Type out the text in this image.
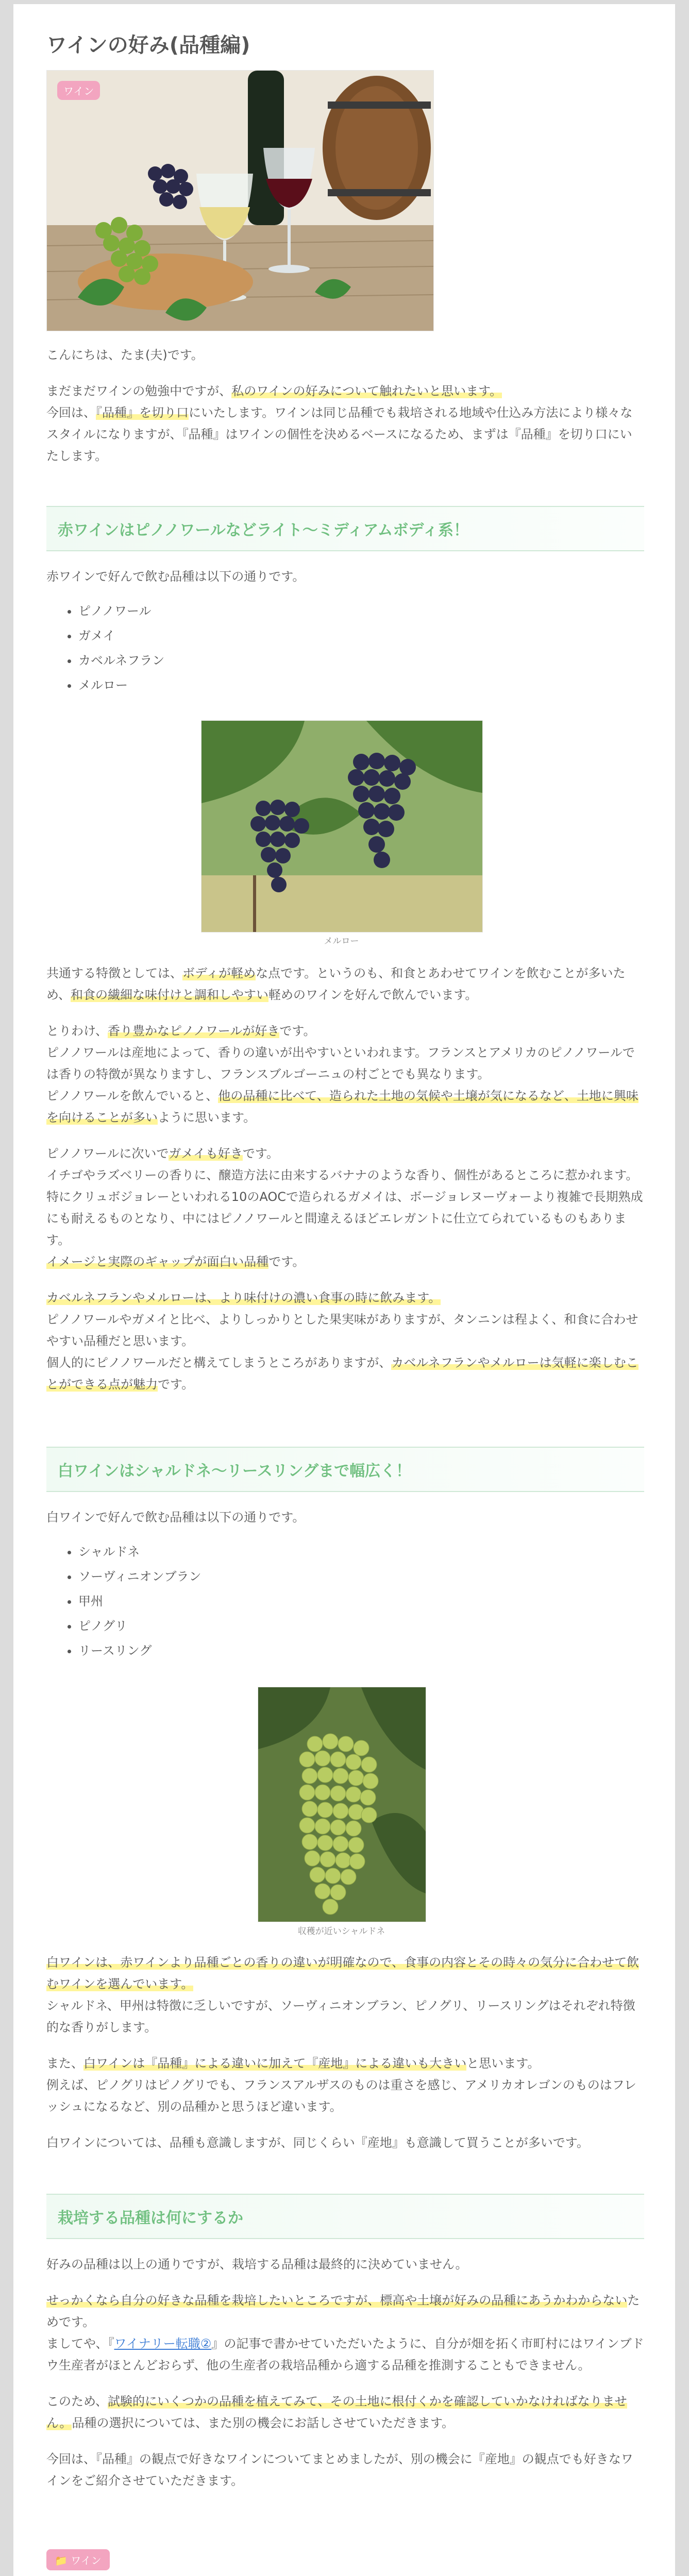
ワインの好み(品種編)
ワイン

こんにちは、たま(夫)です。

まだまだワインの勉強中ですが、私のワインの好みについて触れたいと思います。
今回は、『品種』を切り口にいたします。ワインは同じ品種でも栽培される地域や仕込み方法により様々なスタイルになりますが、『品種』はワインの個性を決めるベースになるため、まずは『品種』を切り口にいたします。

赤ワインはピノノワールなどライト〜ミディアムボディ系！

赤ワインで好んで飲む品種は以下の通りです。

• ピノノワール
• ガメイ
• カベルネフラン
• メルロー
メルロー

共通する特徴としては、ボディが軽めな点です。というのも、和食とあわせてワインを飲むことが多いため、和食の繊細な味付けと調和しやすい軽めのワインを好んで飲んでいます。

とりわけ、香り豊かなピノノワールが好きです。
ピノノワールは産地によって、香りの違いが出やすいといわれます。フランスとアメリカのピノノワールでは香りの特徴が異なりますし、フランスブルゴーニュの村ごとでも異なります。
ピノノワールを飲んでいると、他の品種に比べて、造られた土地の気候や土壌が気になるなど、土地に興味を向けることが多いように思います。

ピノノワールに次いでガメイも好きです。
イチゴやラズベリーの香りに、醸造方法に由来するバナナのような香り、個性があるところに惹かれます。特にクリュボジョレーといわれる10のAOCで造られるガメイは、ボージョレヌーヴォーより複雑で長期熟成にも耐えるものとなり、中にはピノノワールと間違えるほどエレガントに仕立てられているものもあります。
イメージと実際のギャップが面白い品種です。

カベルネフランやメルローは、より味付けの濃い食事の時に飲みます。
ピノノワールやガメイと比べ、よりしっかりとした果実味がありますが、タンニンは程よく、和食に合わせやすい品種だと思います。
個人的にピノノワールだと構えてしまうところがありますが、カベルネフランやメルローは気軽に楽しむことができる点が魅力です。

白ワインはシャルドネ〜リースリングまで幅広く！

白ワインで好んで飲む品種は以下の通りです。

• シャルドネ
• ソーヴィニオンブラン
• 甲州
• ピノグリ
• リースリング
収穫が近いシャルドネ

白ワインは、赤ワインより品種ごとの香りの違いが明確なので、食事の内容とその時々の気分に合わせて飲むワインを選んでいます。
シャルドネ、甲州は特徴に乏しいですが、ソーヴィニオンブラン、ピノグリ、リースリングはそれぞれ特徴的な香りがします。

また、白ワインは『品種』による違いに加えて『産地』による違いも大きいと思います。
例えば、ピノグリはピノグリでも、フランスアルザスのものは重さを感じ、アメリカオレゴンのものはフレッシュになるなど、別の品種かと思うほど違います。

白ワインについては、品種も意識しますが、同じくらい『産地』も意識して買うことが多いです。

栽培する品種は何にするか

好みの品種は以上の通りですが、栽培する品種は最終的に決めていません。

せっかくなら自分の好きな品種を栽培したいところですが、標高や土壌が好みの品種にあうかわからないためです。
ましてや、『ワイナリー転職②』の記事で書かせていただいたように、自分が畑を拓く市町村にはワインブドウ生産者がほとんどおらず、他の生産者の栽培品種から適する品種を推測することもできません。

このため、試験的にいくつかの品種を植えてみて、その土地に根付くかを確認していかなければなりません。品種の選択については、また別の機会にお話しさせていただきます。

今回は、『品種』の観点で好きなワインについてまとめましたが、別の機会に『産地』の観点でも好きなワインをご紹介させていただきます。

📁 ワイン
